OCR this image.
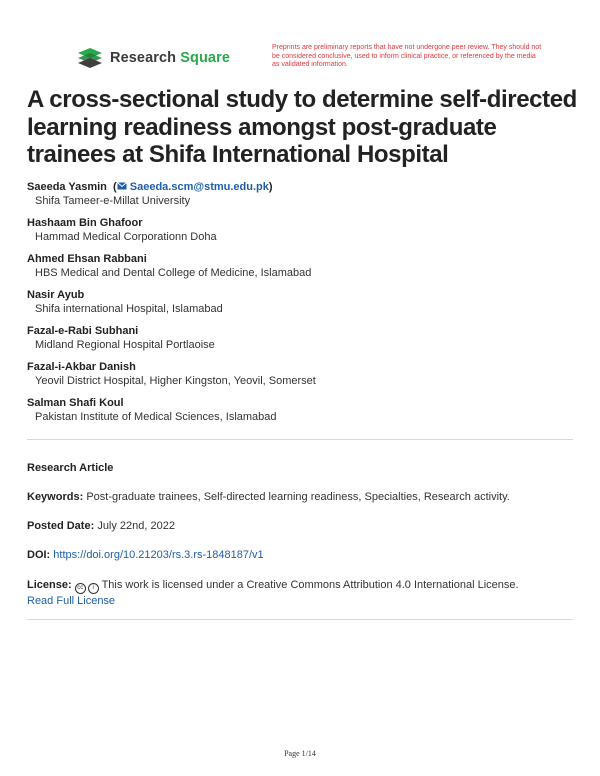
Research Square
Preprints are preliminary reports that have not undergone peer review. They should not be considered conclusive, used to inform clinical practice, or referenced by the media as validated information.
A cross-sectional study to determine self-directed learning readiness amongst post-graduate trainees at Shifa International Hospital
Saeeda Yasmin  ( Saeeda.scm@stmu.edu.pk)
Shifa Tameer-e-Millat University
Hashaam Bin Ghafoor
Hammad Medical Corporationn Doha
Ahmed Ehsan Rabbani
HBS Medical and Dental College of Medicine, Islamabad
Nasir Ayub
Shifa international Hospital, Islamabad
Fazal-e-Rabi Subhani
Midland Regional Hospital Portlaoise
Fazal-i-Akbar Danish
Yeovil District Hospital, Higher Kingston, Yeovil, Somerset
Salman Shafi Koul
Pakistan Institute of Medical Sciences, Islamabad
Research Article
Keywords: Post-graduate trainees, Self-directed learning readiness, Specialties, Research activity.
Posted Date: July 22nd, 2022
DOI: https://doi.org/10.21203/rs.3.rs-1848187/v1
License: cc i This work is licensed under a Creative Commons Attribution 4.0 International License.
Read Full License
Page 1/14
